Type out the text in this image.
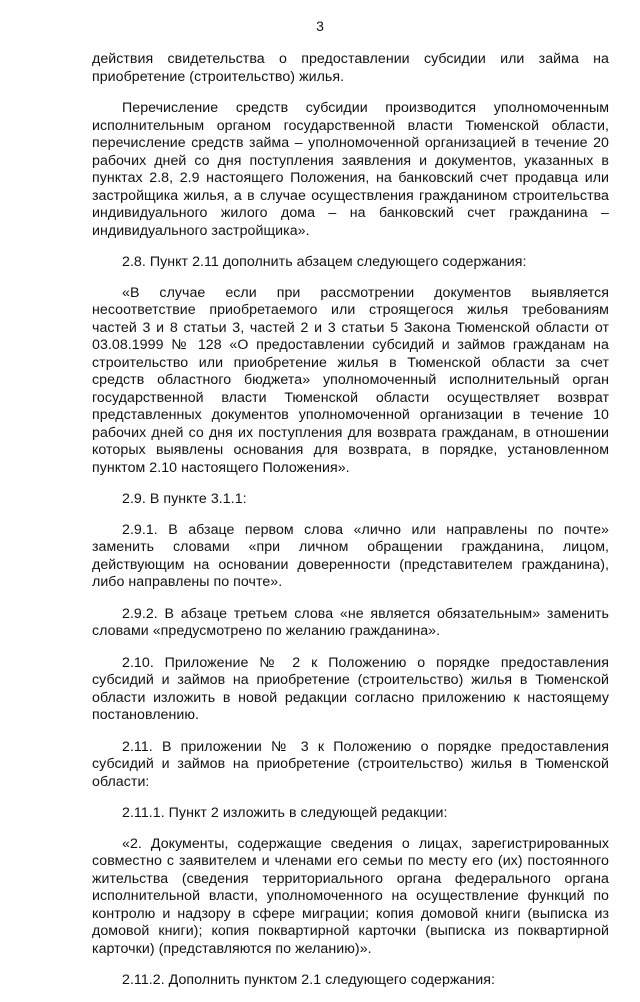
3

действия свидетельства о предоставлении субсидии или займа на приобретение (строительство) жилья.

Перечисление средств субсидии производится уполномоченным исполнительным органом государственной власти Тюменской области, перечисление средств займа – уполномоченной организацией в течение 20 рабочих дней со дня поступления заявления и документов, указанных в пунктах 2.8, 2.9 настоящего Положения, на банковский счет продавца или застройщика жилья, а в случае осуществления гражданином строительства индивидуального жилого дома – на банковский счет гражданина – индивидуального застройщика».

2.8. Пункт 2.11 дополнить абзацем следующего содержания:

«В случае если при рассмотрении документов выявляется несоответствие приобретаемого или строящегося жилья требованиям частей 3 и 8 статьи 3, частей 2 и 3 статьи 5 Закона Тюменской области от 03.08.1999 № 128 «О предоставлении субсидий и займов гражданам на строительство или приобретение жилья в Тюменской области за счет средств областного бюджета» уполномоченный исполнительный орган государственной власти Тюменской области осуществляет возврат представленных документов уполномоченной организации в течение 10 рабочих дней со дня их поступления для возврата гражданам, в отношении которых выявлены основания для возврата, в порядке, установленном пунктом 2.10 настоящего Положения».

2.9. В пункте 3.1.1:

2.9.1. В абзаце первом слова «лично или направлены по почте» заменить словами «при личном обращении гражданина, лицом, действующим на основании доверенности (представителем гражданина), либо направлены по почте».

2.9.2. В абзаце третьем слова «не является обязательным» заменить словами «предусмотрено по желанию гражданина».

2.10. Приложение № 2 к Положению о порядке предоставления субсидий и займов на приобретение (строительство) жилья в Тюменской области изложить в новой редакции согласно приложению к настоящему постановлению.

2.11. В приложении № 3 к Положению о порядке предоставления субсидий и займов на приобретение (строительство) жилья в Тюменской области:

2.11.1. Пункт 2 изложить в следующей редакции:

«2. Документы, содержащие сведения о лицах, зарегистрированных совместно с заявителем и членами его семьи по месту его (их) постоянного жительства (сведения территориального органа федерального органа исполнительной власти, уполномоченного на осуществление функций по контролю и надзору в сфере миграции; копия домовой книги (выписка из домовой книги); копия поквартирной карточки (выписка из поквартирной карточки) (представляются по желанию)».

2.11.2. Дополнить пунктом 2.1 следующего содержания:
